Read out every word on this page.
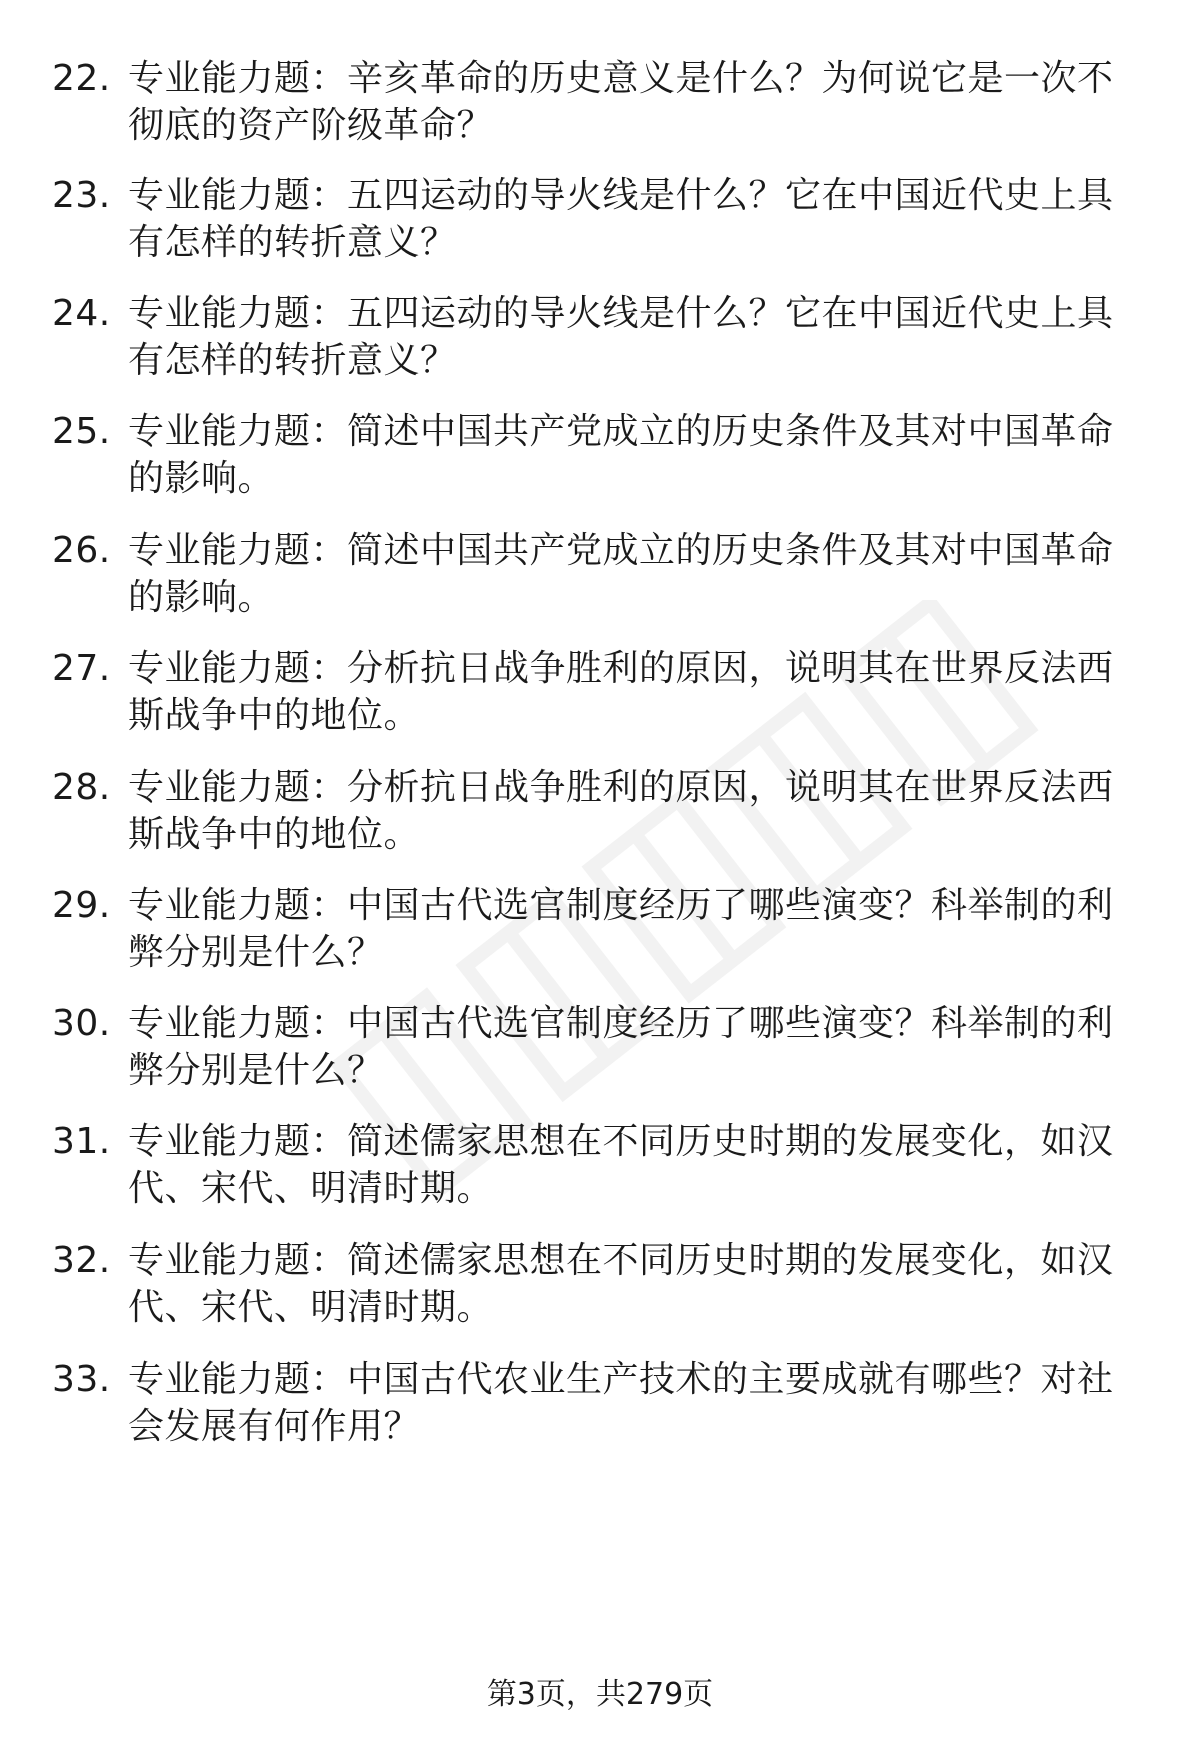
22. 专业能力题：辛亥革命的历史意义是什么？为何说它是一次不彻底的资产阶级革命？
23. 专业能力题：五四运动的导火线是什么？它在中国近代史上具有怎样的转折意义？
24. 专业能力题：五四运动的导火线是什么？它在中国近代史上具有怎样的转折意义？
25. 专业能力题：简述中国共产党成立的历史条件及其对中国革命的影响。
26. 专业能力题：简述中国共产党成立的历史条件及其对中国革命的影响。
27. 专业能力题：分析抗日战争胜利的原因，说明其在世界反法西斯战争中的地位。
28. 专业能力题：分析抗日战争胜利的原因，说明其在世界反法西斯战争中的地位。
29. 专业能力题：中国古代选官制度经历了哪些演变？科举制的利弊分别是什么？
30. 专业能力题：中国古代选官制度经历了哪些演变？科举制的利弊分别是什么？
31. 专业能力题：简述儒家思想在不同历史时期的发展变化，如汉代、宋代、明清时期。
32. 专业能力题：简述儒家思想在不同历史时期的发展变化，如汉代、宋代、明清时期。
33. 专业能力题：中国古代农业生产技术的主要成就有哪些？对社会发展有何作用？
第3页，共279页
